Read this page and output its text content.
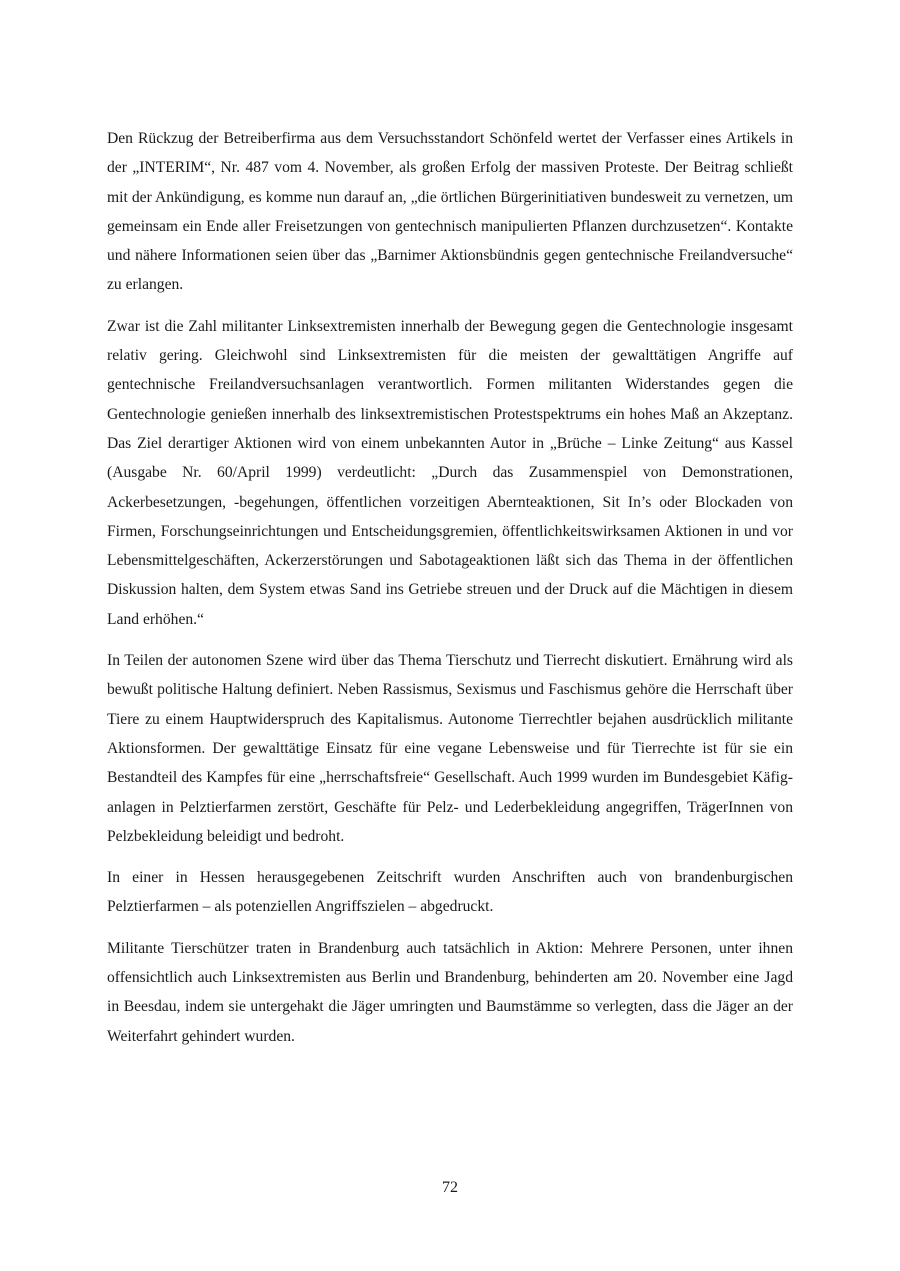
Den Rückzug der Betreiberfirma aus dem Versuchsstandort Schönfeld wertet der Verfasser eines Artikels in der „INTERIM“, Nr. 487 vom 4. November, als großen Erfolg der massiven Proteste. Der Beitrag schließt mit der Ankündigung, es komme nun darauf an, „die örtlichen Bürgerinitiativen bundesweit zu vernetzen, um gemeinsam ein Ende aller Freisetzungen von gentechnisch manipulierten Pflanzen durchzusetzen“. Kontakte und nähere Informationen seien über das „Barnimer Aktionsbündnis gegen gentechnische Freilandversuche“ zu erlangen.

Zwar ist die Zahl militanter Linksextremisten innerhalb der Bewegung gegen die Gentechnologie insgesamt relativ gering. Gleichwohl sind Linksextremisten für die meisten der gewalttätigen Angriffe auf gentechnische Freilandversuchsanlagen verantwortlich. Formen militanten Widerstandes gegen die Gentechnologie genießen innerhalb des linksextremistischen Protestspektrums ein hohes Maß an Akzeptanz. Das Ziel derartiger Aktionen wird von einem unbekannten Autor in „Brüche – Linke Zeitung“ aus Kassel (Ausgabe Nr. 60/April 1999) verdeutlicht: „Durch das Zusammenspiel von Demonstrationen, Ackerbesetzungen, -begehungen, öffentlichen vorzeitigen Aberntеaktionen, Sit In’s oder Blockaden von Firmen, Forschungseinrichtungen und Entscheidungsgremien, öffentlichkeitswirksamen Aktionen in und vor Lebensmittelgeschäften, Ackerzerstörungen und Sabotageaktionen läßt sich das Thema in der öffentlichen Diskussion halten, dem System etwas Sand ins Getriebe streuen und der Druck auf die Mächtigen in diesem Land erhöhen.“

In Teilen der autonomen Szene wird über das Thema Tierschutz und Tierrecht diskutiert. Ernährung wird als bewußt politische Haltung definiert. Neben Rassismus, Sexismus und Faschismus gehöre die Herrschaft über Tiere zu einem Hauptwiderspruch des Kapitalismus. Autonome Tierrechtler bejahen ausdrücklich militante Aktionsformen. Der gewalttätige Einsatz für eine vegane Lebensweise und für Tierrechte ist für sie ein Bestandteil des Kampfes für eine „herrschaftsfreie“ Gesellschaft. Auch 1999 wurden im Bundesgebiet Käfiganlagen in Pelztierfarmen zerstört, Geschäfte für Pelz- und Lederbekleidung angegriffen, TrägerInnen von Pelzbekleidung beleidigt und bedroht.

In einer in Hessen herausgegebenen Zeitschrift wurden Anschriften auch von brandenburgischen Pelztierfarmen – als potenziellen Angriffszielen – abgedruckt.

Militante Tierschützer traten in Brandenburg auch tatsächlich in Aktion: Mehrere Personen, unter ihnen offensichtlich auch Linksextremisten aus Berlin und Brandenburg, behinderten am 20. November eine Jagd in Beesdau, indem sie untergehakt die Jäger umringten und Baumstämme so verlegten, dass die Jäger an der Weiterfahrt gehindert wurden.

72
